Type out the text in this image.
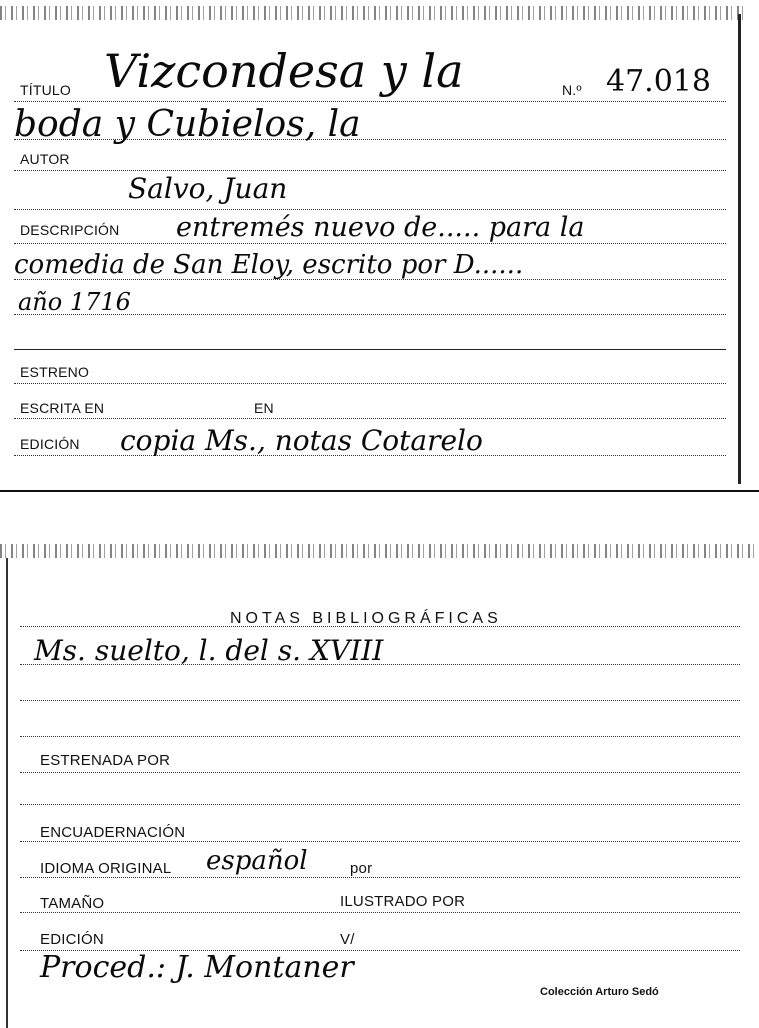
TÍTULO Vizcondesa y la	N.º 47.018
boda y Cubielos, la
AUTOR
Salvo, Juan
DESCRIPCIÓN entremés nuevo de..... para la
comedia de San Eloy, escrito por D......
año 1716
ESTRENO
ESCRITA EN	EN
EDICIÓN copia Ms., notas Cotarelo
NOTAS BIBLIOGRÁFICAS
Ms. suelto, l. del s. XVIII
ESTRENADA POR
ENCUADERNACIÓN
IDIOMA ORIGINAL español	por
TAMAÑO	ILUSTRADO POR
EDICIÓN	V/
Proced.: J. Montaner
Colección Arturo Sedó
